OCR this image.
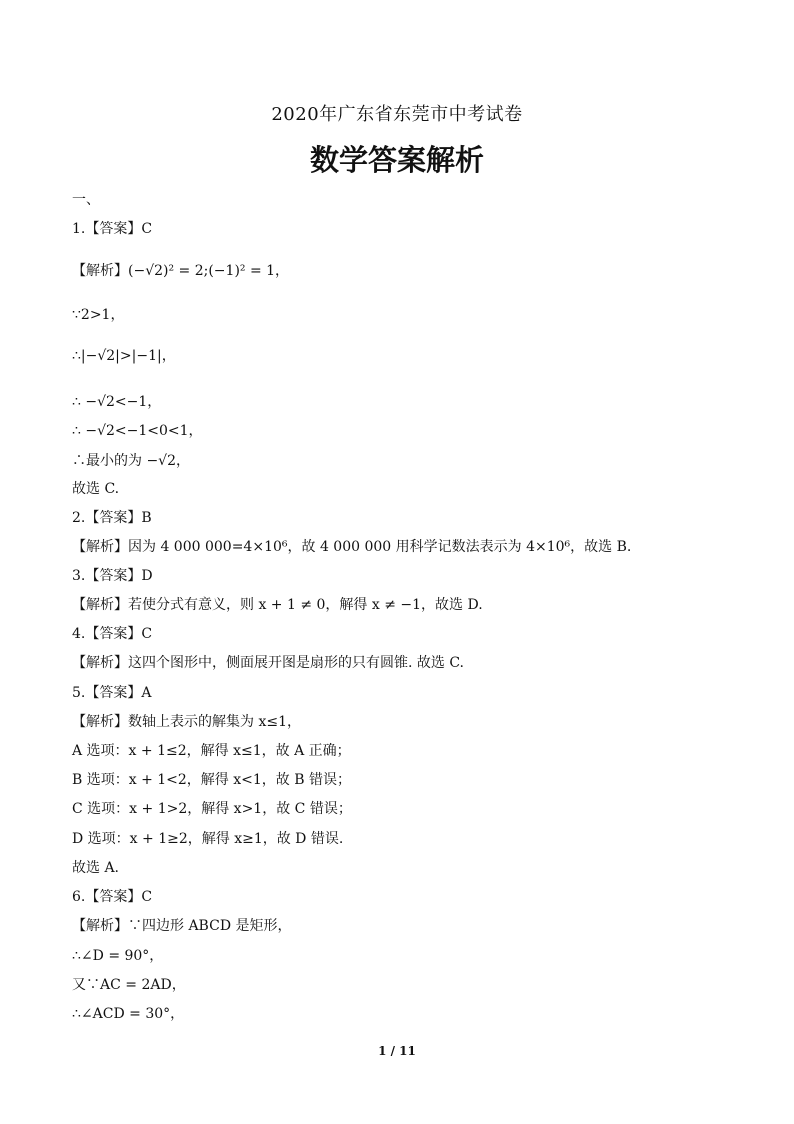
2020年广东省东莞市中考试卷
数学答案解析
一、
1.【答案】C
【解析】(−√2)² = 2;(−1)² = 1，
∵2>1，
∴|−√2|>|−1|，
∴ −√2<−1，
∴ −√2<−1<0<1，
∴最小的为 −√2，
故选 C.
2.【答案】B
【解析】因为 4 000 000=4×10⁶，故 4 000 000 用科学记数法表示为 4×10⁶，故选 B.
3.【答案】D
【解析】若使分式有意义，则 x + 1 ≠ 0，解得 x ≠ −1，故选 D.
4.【答案】C
【解析】这四个图形中，侧面展开图是扇形的只有圆锥. 故选 C.
5.【答案】A
【解析】数轴上表示的解集为 x≤1，
A 选项：x + 1≤2，解得 x≤1，故 A 正确；
B 选项：x + 1<2，解得 x<1，故 B 错误；
C 选项：x + 1>2，解得 x>1，故 C 错误；
D 选项：x + 1≥2，解得 x≥1，故 D 错误.
故选 A.
6.【答案】C
【解析】∵四边形 ABCD 是矩形，
∴∠D = 90°，
又∵AC = 2AD，
∴∠ACD = 30°，
1 / 11
